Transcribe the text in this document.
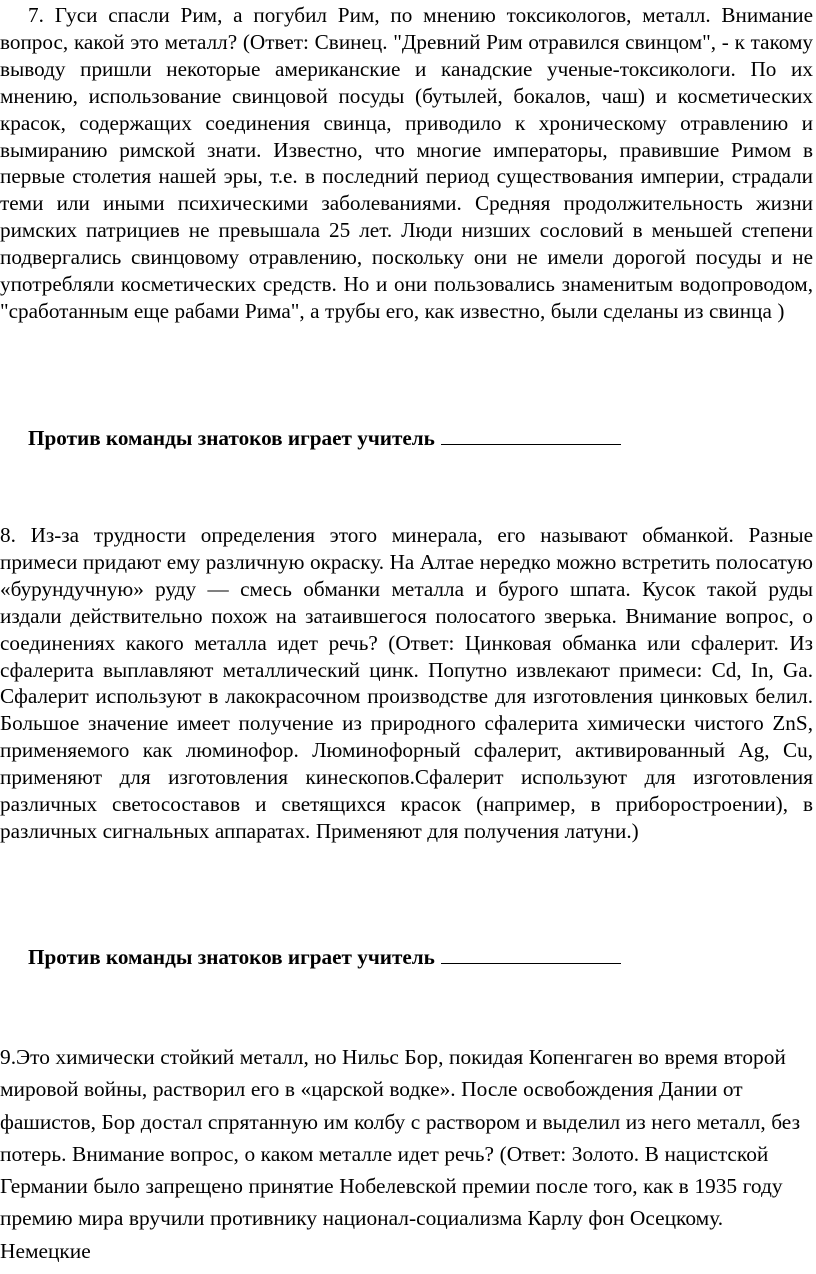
7. Гуси спасли Рим, а погубил Рим, по мнению токсикологов, металл. Внимание вопрос, какой это металл? (Ответ: Свинец. "Древний Рим отравился свинцом", - к такому выводу пришли некоторые американские и канадские ученые-токсикологи. По их мнению, использование свинцовой посуды (бутылей, бокалов, чаш) и косметических красок, содержащих соединения свинца, приводило к хроническому отравлению и вымиранию римской знати. Известно, что многие императоры, правившие Римом в первые столетия нашей эры, т.е. в последний период существования империи, страдали теми или иными психическими заболеваниями. Средняя продолжительность жизни римских патрициев не превышала 25 лет. Люди низших сословий в меньшей степени подвергались свинцовому отравлению, поскольку они не имели дорогой посуды и не употребляли косметических средств. Но и они пользовались знаменитым водопроводом, "сработанным еще рабами Рима", а трубы его, как известно, были сделаны из свинца )

Против команды знатоков играет учитель

8. Из-за трудности определения этого минерала, его называют обманкой. Разные примеси придают ему различную окраску. На Алтае нередко можно встретить полосатую «бурундучную» руду — смесь обманки металла и бурого шпата. Кусок такой руды издали действительно похож на затаившегося полосатого зверька. Внимание вопрос, о соединениях какого металла идет речь? (Ответ: Цинковая обманка или сфалерит. Из сфалерита выплавляют металлический цинк. Попутно извлекают примеси: Cd, In, Ga. Сфалерит используют в лакокрасочном производстве для изготовления цинковых белил. Большое значение имеет получение из природного сфалерита химически чистого ZnS, применяемого как люминофор. Люминофорный сфалерит, активированный Ag, Cu, применяют для изготовления кинескопов.Сфалерит используют для изготовления различных светосоставов и светящихся красок (например, в приборостроении), в различных сигнальных аппаратах. Применяют для получения латуни.)

Против команды знатоков играет учитель

9.Это химически стойкий металл, но Нильс Бор, покидая Копенгаген во время второй мировой войны, растворил его в «царской водке». После освобождения Дании от фашистов, Бор достал спрятанную им колбу с раствором и выделил из него металл, без потерь. Внимание вопрос, о каком металле идет речь? (Ответ: Золото. В нацистской Германии было запрещено принятие Нобелевской премии после того, как в 1935 году премию мира вручили противнику национал-социализма Карлу фон Осецкому. Немецкие
